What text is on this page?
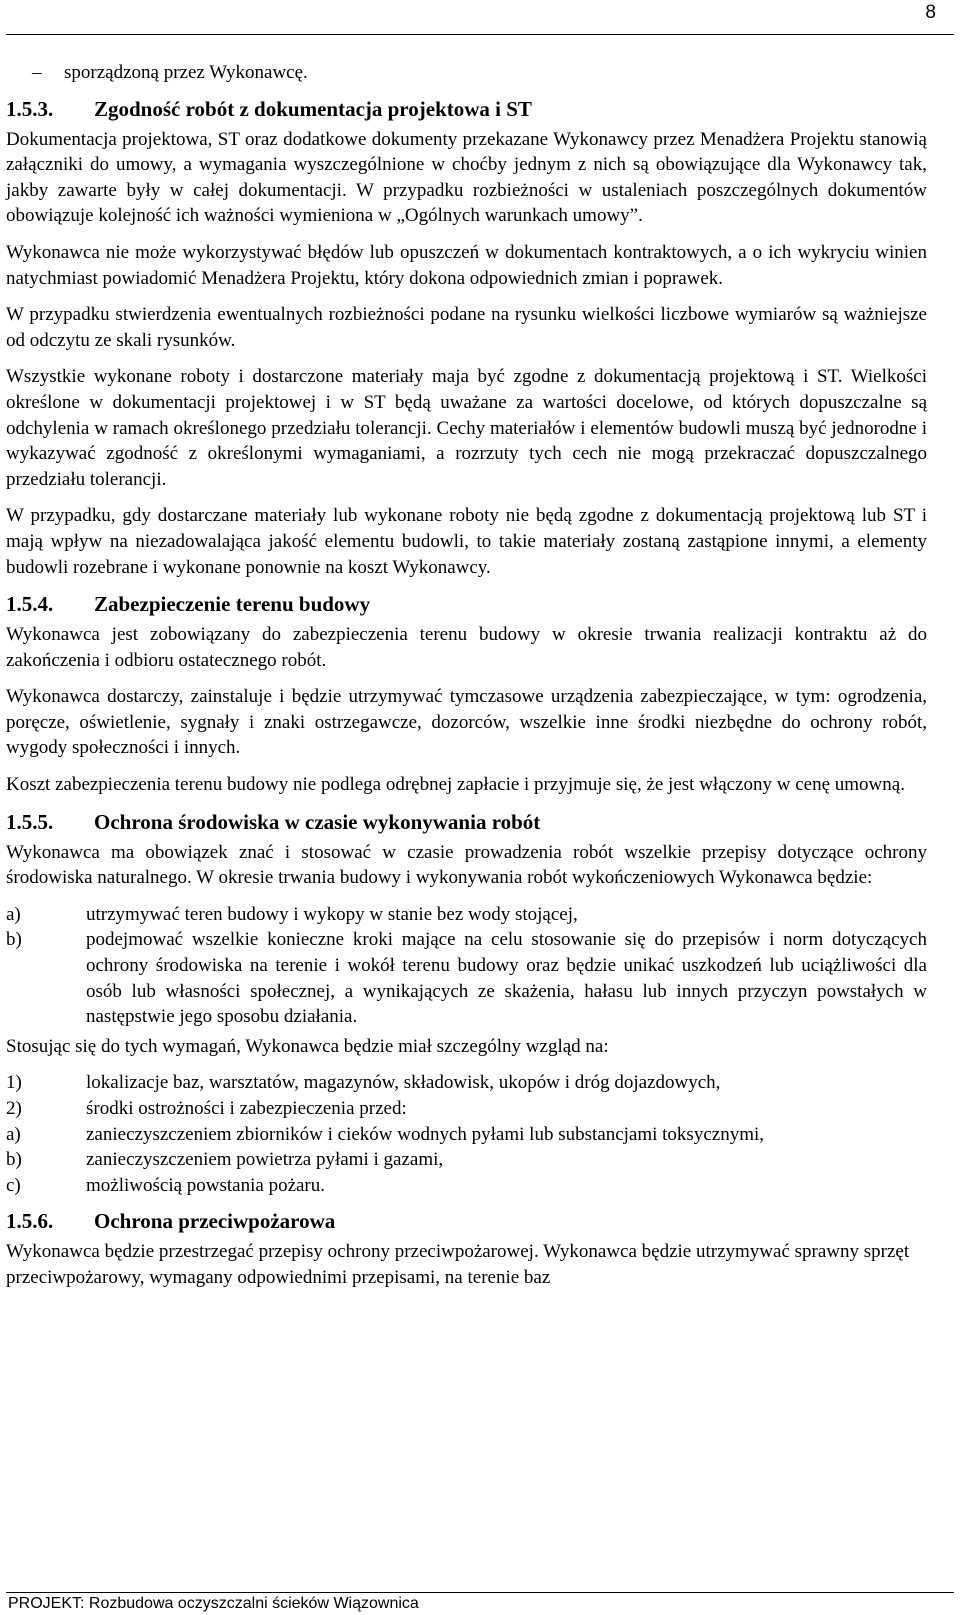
8
–	sporządzoną przez Wykonawcę.
1.5.3.	Zgodność robót z dokumentacja projektowa i ST

Dokumentacja projektowa, ST oraz dodatkowe dokumenty przekazane Wykonawcy przez Menadżera Projektu stanowią załączniki do umowy, a wymagania wyszczególnione w choćby jednym z nich są obowiązujące dla Wykonawcy tak, jakby zawarte były w całej dokumentacji. W przypadku rozbieżności w ustaleniach poszczególnych dokumentów obowiązuje kolejność ich ważności wymieniona w „Ogólnych warunkach umowy”.

Wykonawca nie może wykorzystywać błędów lub opuszczeń w dokumentach kontraktowych, a o ich wykryciu winien natychmiast powiadomić Menadżera Projektu, który dokona odpowiednich zmian i poprawek.

W przypadku stwierdzenia ewentualnych rozbieżności podane na rysunku wielkości liczbowe wymiarów są ważniejsze od odczytu ze skali rysunków.

Wszystkie wykonane roboty i dostarczone materiały maja być zgodne z dokumentacją projektową i ST. Wielkości określone w dokumentacji projektowej i w ST będą uważane za wartości docelowe, od których dopuszczalne są odchylenia w ramach określonego przedziału tolerancji. Cechy materiałów i elementów budowli muszą być jednorodne i wykazywać zgodność z określonymi wymaganiami, a rozrzuty tych cech nie mogą przekraczać dopuszczalnego przedziału tolerancji.

W przypadku, gdy dostarczane materiały lub wykonane roboty nie będą zgodne z dokumentacją projektową lub ST i mają wpływ na niezadowalająca jakość elementu budowli, to takie materiały zostaną zastąpione innymi, a elementy budowli rozebrane i wykonane ponownie na koszt Wykonawcy.

1.5.4.	Zabezpieczenie terenu budowy

Wykonawca jest zobowiązany do zabezpieczenia terenu budowy w okresie trwania realizacji kontraktu aż do zakończenia i odbioru ostatecznego robót.

Wykonawca dostarczy, zainstaluje i będzie utrzymywać tymczasowe urządzenia zabezpieczające, w tym: ogrodzenia, poręcze, oświetlenie, sygnały i znaki ostrzegawcze, dozorców, wszelkie inne środki niezbędne do ochrony robót, wygody społeczności i innych.

Koszt zabezpieczenia terenu budowy nie podlega odrębnej zapłacie i przyjmuje się, że jest włączony w cenę umowną.

1.5.5.	Ochrona środowiska w czasie wykonywania robót

Wykonawca ma obowiązek znać i stosować w czasie prowadzenia robót wszelkie przepisy dotyczące ochrony środowiska naturalnego. W okresie trwania budowy i wykonywania robót wykończeniowych Wykonawca będzie:

a)	utrzymywać teren budowy i wykopy w stanie bez wody stojącej,
b)	podejmować wszelkie konieczne kroki mające na celu stosowanie się do przepisów i norm dotyczących ochrony środowiska na terenie i wokół terenu budowy oraz będzie unikać uszkodzeń lub uciążliwości dla osób lub własności społecznej, a wynikających ze skażenia, hałasu lub innych przyczyn powstałych w następstwie jego sposobu działania.

Stosując się do tych wymagań, Wykonawca będzie miał szczególny wzgląd na:

1)	lokalizacje baz, warsztatów, magazynów, składowisk, ukopów i dróg dojazdowych,
2)	środki ostrożności i zabezpieczenia przed:
a)	zanieczyszczeniem zbiorników i cieków wodnych pyłami lub substancjami toksycznymi,
b)	zanieczyszczeniem powietrza pyłami i gazami,
c)	możliwością powstania pożaru.
1.5.6.	Ochrona przeciwpożarowa

Wykonawca będzie przestrzegać przepisy ochrony przeciwpożarowej. Wykonawca będzie utrzymywać sprawny sprzęt przeciwpożarowy, wymagany odpowiednimi przepisami, na terenie baz

PROJEKT: Rozbudowa oczyszczalni ścieków Wiązownica
